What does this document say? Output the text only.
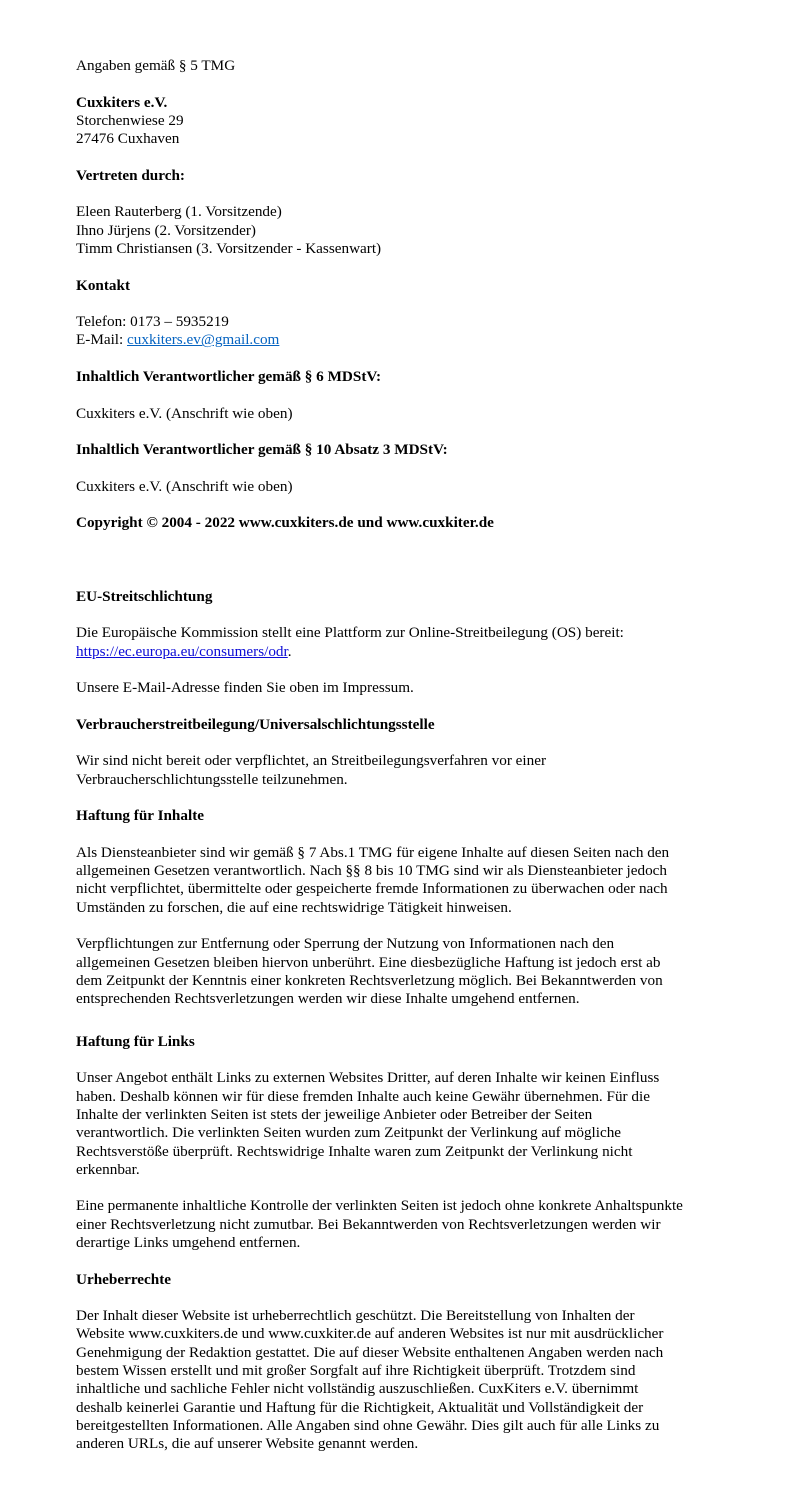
Angaben gemäß § 5 TMG

Cuxkiters e.V.

Storchenwiese 29

27476 Cuxhaven

Vertreten durch:

Eleen Rauterberg (1. Vorsitzende)

Ihno Jürjens (2. Vorsitzender)

Timm Christiansen (3. Vorsitzender - Kassenwart)

Kontakt

Telefon: 0173 – 5935219

E-Mail: cuxkiters.ev@gmail.com

Inhaltlich Verantwortlicher gemäß § 6 MDStV:

Cuxkiters e.V. (Anschrift wie oben)

Inhaltlich Verantwortlicher gemäß § 10 Absatz 3 MDStV:

Cuxkiters e.V. (Anschrift wie oben)

Copyright © 2004 - 2022 www.cuxkiters.de und www.cuxkiter.de

EU-Streitschlichtung

Die Europäische Kommission stellt eine Plattform zur Online-Streitbeilegung (OS) bereit:

https://ec.europa.eu/consumers/odr.

Unsere E-Mail-Adresse finden Sie oben im Impressum.

Verbraucherstreitbeilegung/Universalschlichtungsstelle

Wir sind nicht bereit oder verpflichtet, an Streitbeilegungsverfahren vor einer

Verbraucherschlichtungsstelle teilzunehmen.

Haftung für Inhalte

Als Diensteanbieter sind wir gemäß § 7 Abs.1 TMG für eigene Inhalte auf diesen Seiten nach den

allgemeinen Gesetzen verantwortlich. Nach §§ 8 bis 10 TMG sind wir als Diensteanbieter jedoch

nicht verpflichtet, übermittelte oder gespeicherte fremde Informationen zu überwachen oder nach

Umständen zu forschen, die auf eine rechtswidrige Tätigkeit hinweisen.

Verpflichtungen zur Entfernung oder Sperrung der Nutzung von Informationen nach den

allgemeinen Gesetzen bleiben hiervon unberührt. Eine diesbezügliche Haftung ist jedoch erst ab

dem Zeitpunkt der Kenntnis einer konkreten Rechtsverletzung möglich. Bei Bekanntwerden von

entsprechenden Rechtsverletzungen werden wir diese Inhalte umgehend entfernen.

Haftung für Links

Unser Angebot enthält Links zu externen Websites Dritter, auf deren Inhalte wir keinen Einfluss

haben. Deshalb können wir für diese fremden Inhalte auch keine Gewähr übernehmen. Für die

Inhalte der verlinkten Seiten ist stets der jeweilige Anbieter oder Betreiber der Seiten

verantwortlich. Die verlinkten Seiten wurden zum Zeitpunkt der Verlinkung auf mögliche

Rechtsverstöße überprüft. Rechtswidrige Inhalte waren zum Zeitpunkt der Verlinkung nicht

erkennbar.

Eine permanente inhaltliche Kontrolle der verlinkten Seiten ist jedoch ohne konkrete Anhaltspunkte

einer Rechtsverletzung nicht zumutbar. Bei Bekanntwerden von Rechtsverletzungen werden wir

derartige Links umgehend entfernen.

Urheberrechte

Der Inhalt dieser Website ist urheberrechtlich geschützt. Die Bereitstellung von Inhalten der

Website www.cuxkiters.de und www.cuxkiter.de auf anderen Websites ist nur mit ausdrücklicher

Genehmigung der Redaktion gestattet. Die auf dieser Website enthaltenen Angaben werden nach

bestem Wissen erstellt und mit großer Sorgfalt auf ihre Richtigkeit überprüft. Trotzdem sind

inhaltliche und sachliche Fehler nicht vollständig auszuschließen. CuxKiters e.V. übernimmt

deshalb keinerlei Garantie und Haftung für die Richtigkeit, Aktualität und Vollständigkeit der

bereitgestellten Informationen. Alle Angaben sind ohne Gewähr. Dies gilt auch für alle Links zu

anderen URLs, die auf unserer Website genannt werden.
